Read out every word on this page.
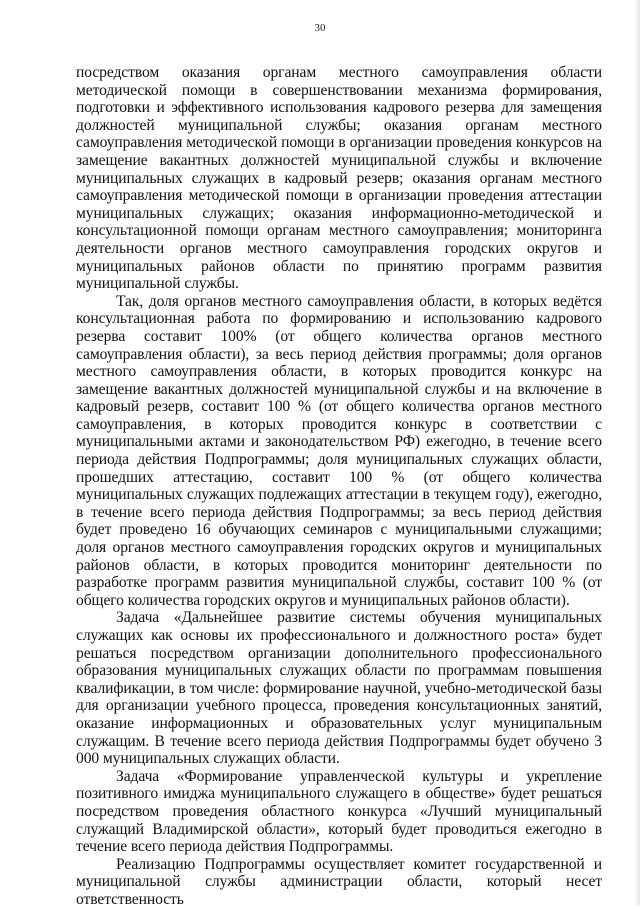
30

посредством оказания органам местного самоуправления области методической помощи в совершенствовании механизма формирования, подготовки и эффективного использования кадрового резерва для замещения должностей муниципальной службы; оказания органам местного самоуправления методической помощи в организации проведения конкурсов на замещение вакантных должностей муниципальной службы и включение муниципальных служащих в кадровый резерв; оказания органам местного самоуправления методической помощи в организации проведения аттестации муниципальных служащих; оказания информационно-методической и консультационной помощи органам местного самоуправления; мониторинга деятельности органов местного самоуправления городских округов и муниципальных районов области по принятию программ развития муниципальной службы.

Так, доля органов местного самоуправления области, в которых ведётся консультационная работа по формированию и использованию кадрового резерва составит 100% (от общего количества органов местного самоуправления области), за весь период действия программы; доля органов местного самоуправления области, в которых проводится конкурс на замещение вакантных должностей муниципальной службы и на включение в кадровый резерв, составит 100 % (от общего количества органов местного самоуправления, в которых проводится конкурс в соответствии с муниципальными актами и законодательством РФ) ежегодно, в течение всего периода действия Подпрограммы; доля муниципальных служащих области, прошедших аттестацию, составит 100 % (от общего количества муниципальных служащих подлежащих аттестации в текущем году), ежегодно, в течение всего периода действия Подпрограммы; за весь период действия будет проведено 16 обучающих семинаров с муниципальными служащими; доля органов местного самоуправления городских округов и муниципальных районов области, в которых проводится мониторинг деятельности по разработке программ развития муниципальной службы, составит 100 % (от общего количества городских округов и муниципальных районов области).

Задача «Дальнейшее развитие системы обучения муниципальных служащих как основы их профессионального и должностного роста» будет решаться посредством организации дополнительного профессионального образования муниципальных служащих области по программам повышения квалификации, в том числе: формирование научной, учебно-методической базы для организации учебного процесса, проведения консультационных занятий, оказание информационных и образовательных услуг муниципальным служащим. В течение всего периода действия Подпрограммы будет обучено 3 000 муниципальных служащих области.

Задача «Формирование управленческой культуры и укрепление позитивного имиджа муниципального служащего в обществе» будет решаться посредством проведения областного конкурса «Лучший муниципальный служащий Владимирской области», который будет проводиться ежегодно в течение всего периода действия Подпрограммы.

Реализацию Подпрограммы осуществляет комитет государственной и муниципальной службы администрации области, который несет ответственность
